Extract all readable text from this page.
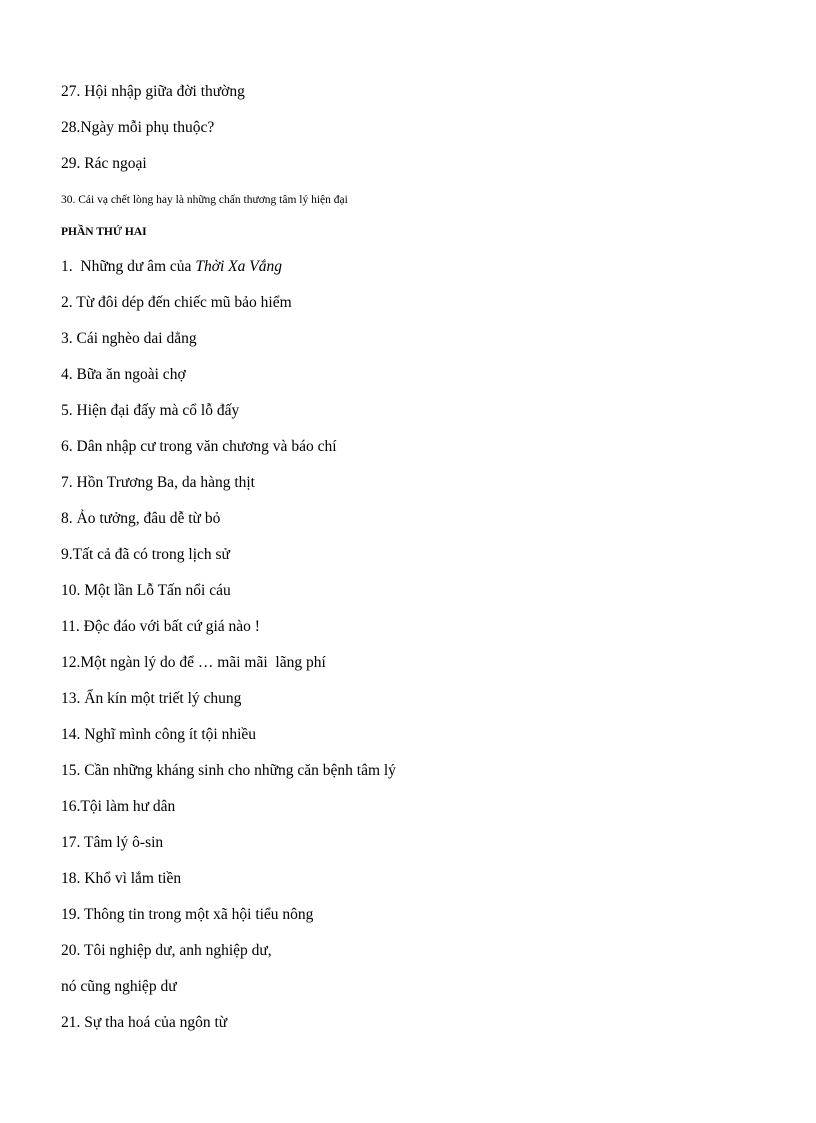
27. Hội nhập giữa đời thường
28.Ngày mỗi phụ thuộc?
29. Rác ngoại
30. Cái vạ chết lòng hay là những chấn thương tâm lý hiện đại
PHẦN THỨ HAI
1.  Những dư âm của Thời Xa Vắng
2. Từ đôi dép đến chiếc mũ bảo hiểm
3. Cái nghèo dai dẳng
4. Bữa ăn ngoài chợ
5. Hiện đại đấy mà cổ lỗ đấy
6. Dân nhập cư trong văn chương và báo chí
7. Hồn Trương Ba, da hàng thịt
8. Ảo tưởng, đâu dễ từ bỏ
9.Tất cả đã có trong lịch sử
10. Một lần Lỗ Tấn nổi cáu
11. Độc đáo với bất cứ giá nào !
12.Một ngàn lý do để … mãi mãi  lãng phí
13. Ẩn kín một triết lý chung
14. Nghĩ mình công ít tội nhiều
15. Cần những kháng sinh cho những căn bệnh tâm lý
16.Tội làm hư dân
17. Tâm lý ô-sin
18. Khổ vì lắm tiền
19. Thông tin trong một xã hội tiểu nông
20. Tôi nghiệp dư, anh nghiệp dư,
nó cũng nghiệp dư
21. Sự tha hoá của ngôn từ
